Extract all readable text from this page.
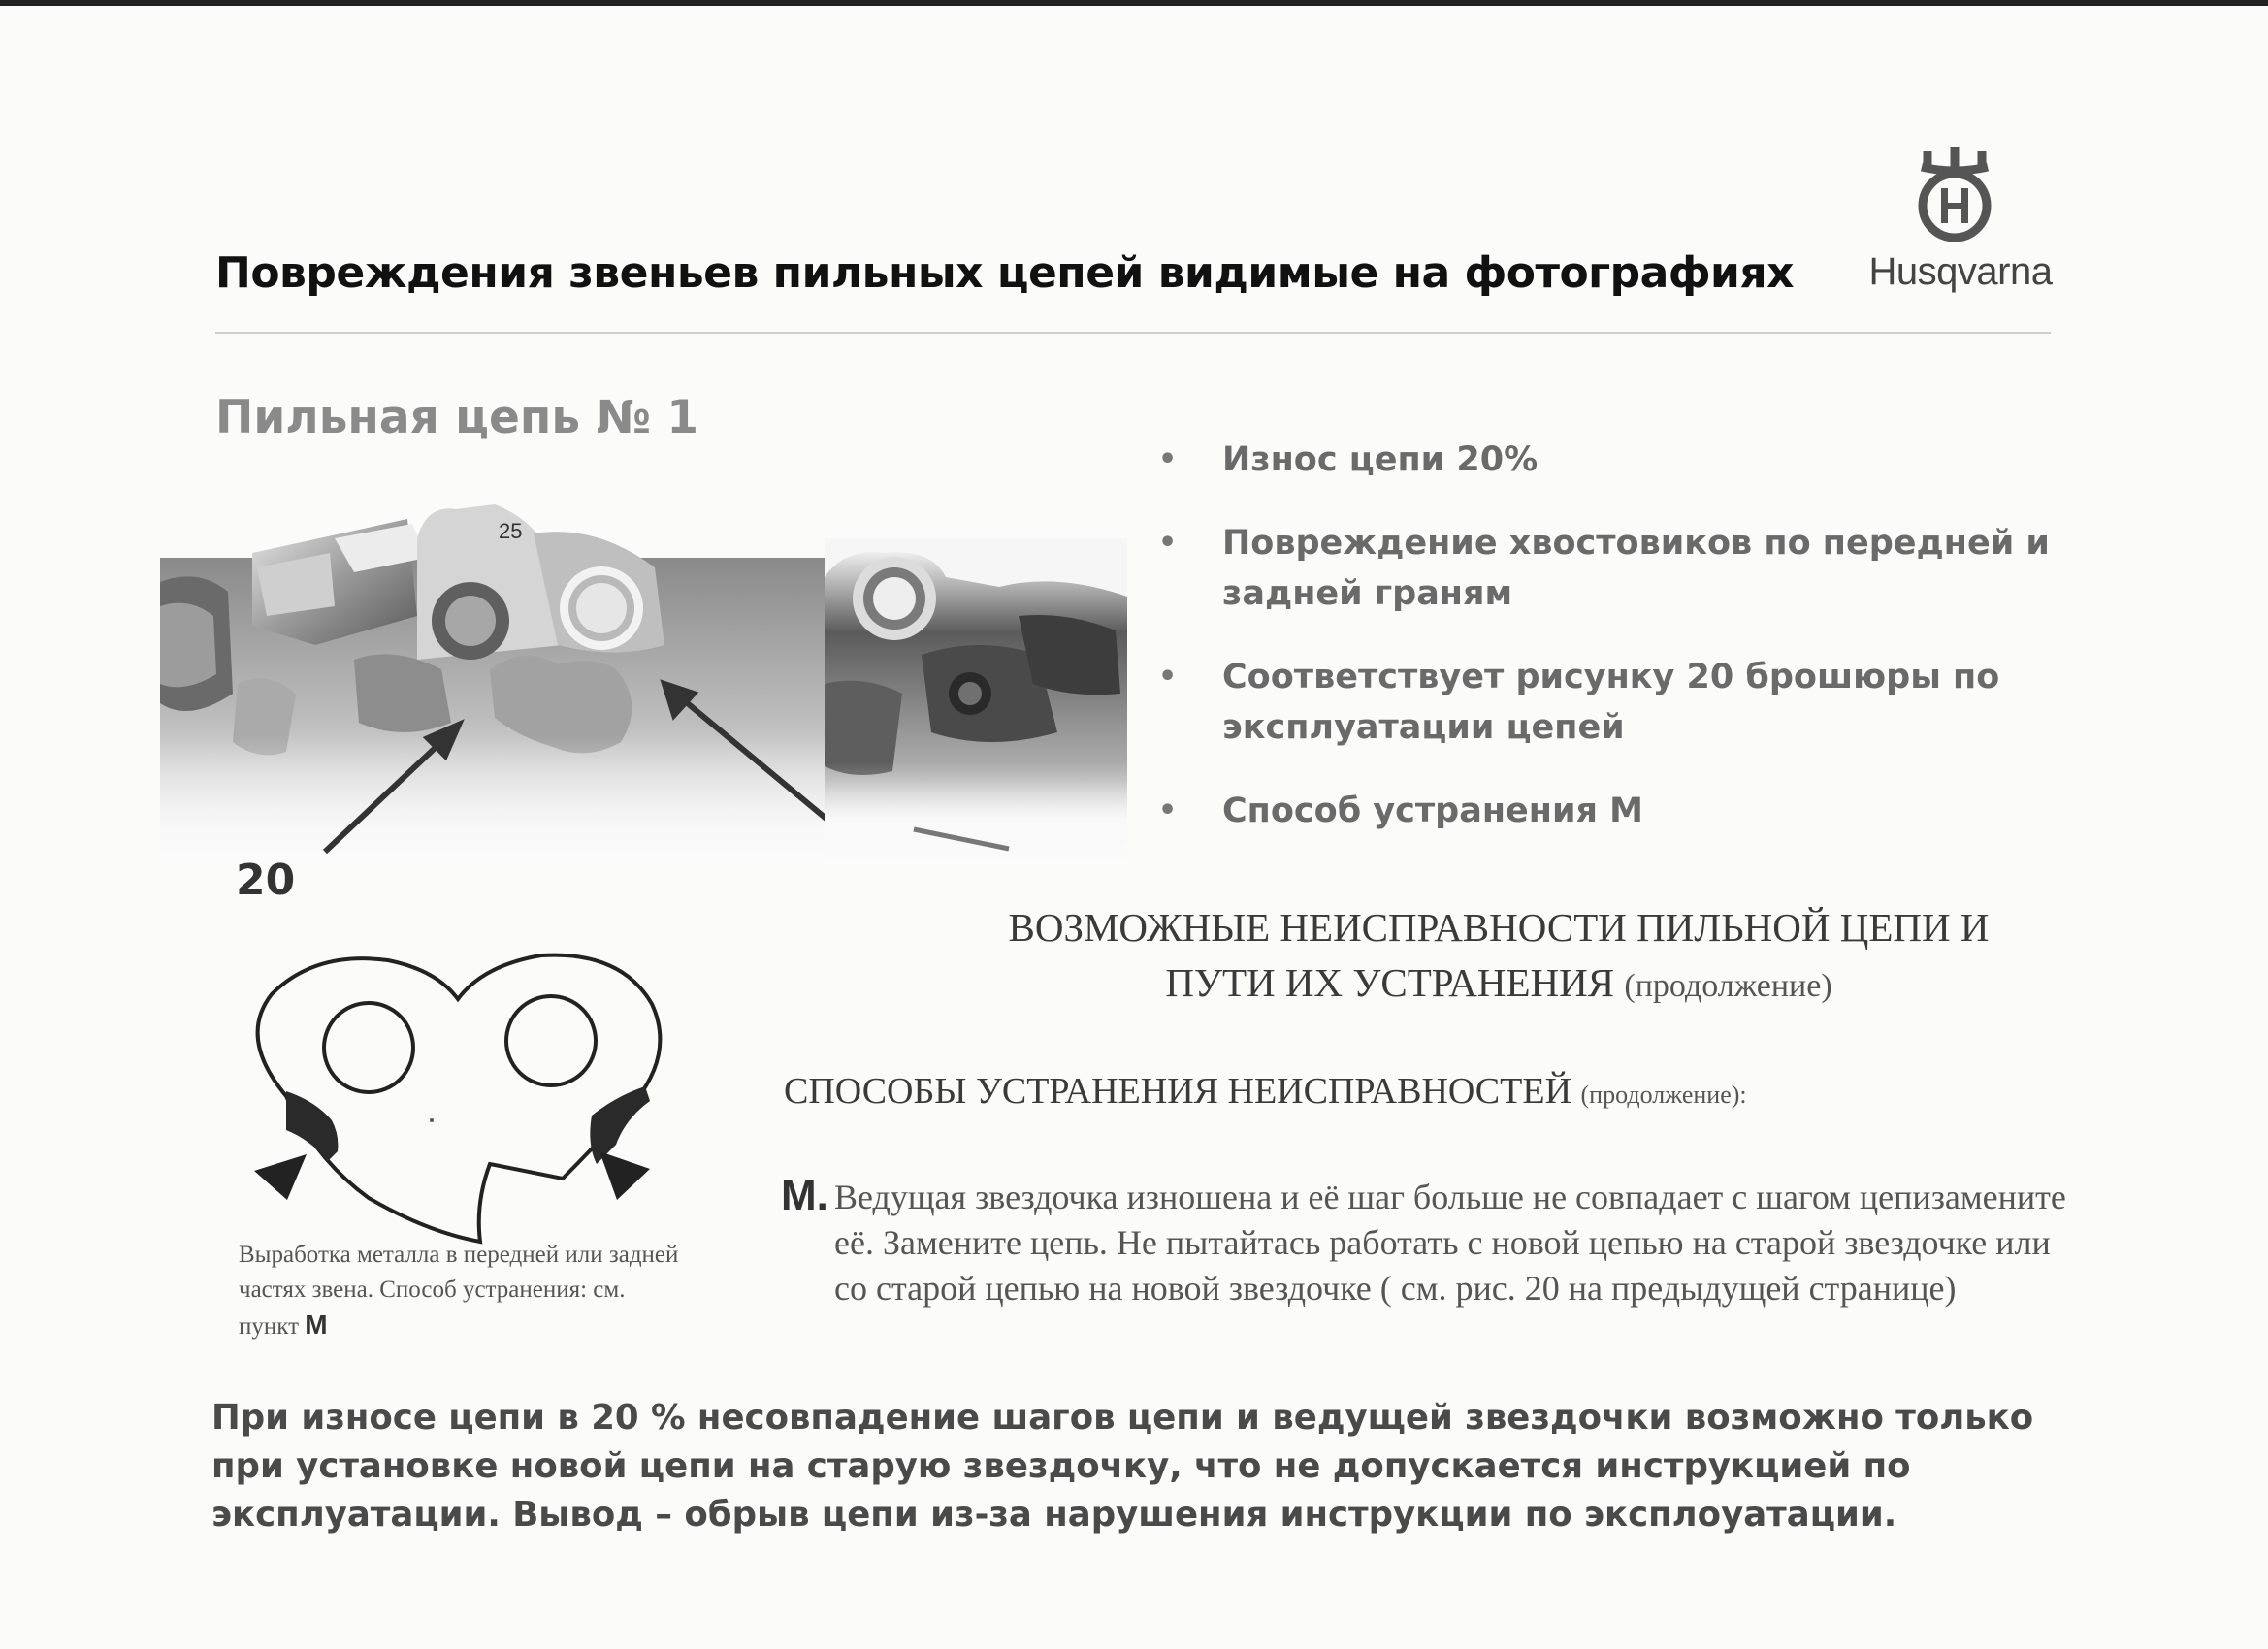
Повреждения звеньев пильных цепей видимые на фотографиях	Husqvarna
Пильная цепь № 1
25
20
• Износ цепи 20%
• Повреждение хвостовиков по передней и задней граням
• Соответствует рисунку 20 брошюры по эксплуатации цепей
• Способ устранения М
ВОЗМОЖНЫЕ НЕИСПРАВНОСТИ ПИЛЬНОЙ ЦЕПИ И
ПУТИ ИХ УСТРАНЕНИЯ (продолжение)
СПОСОБЫ УСТРАНЕНИЯ НЕИСПРАВНОСТЕЙ (продолжение):
М. Ведущая звездочка изношена и её шаг больше не совпадает с шагом цепизамените её. Замените цепь. Не пытайтась работать с новой цепью на старой звездочке или со старой цепью на новой звездочке ( см. рис. 20 на предыдущей странице)
Выработка металла в передней или задней частях звена. Способ устранения: см. пункт М
При износе цепи в 20 % несовпадение шагов цепи и ведущей звездочки возможно только при установке новой цепи на старую звездочку, что не допускается инструкцией по эксплуатации. Вывод – обрыв цепи из-за нарушения инструкции по эксплоуатации.
